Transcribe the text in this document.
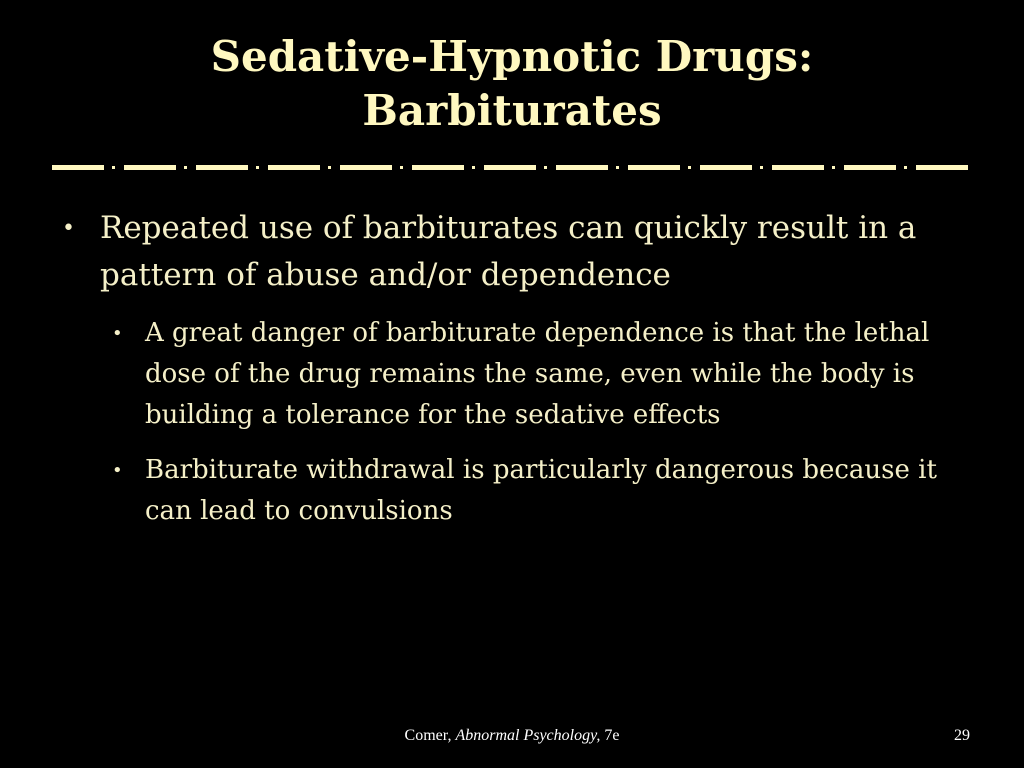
Sedative-Hypnotic Drugs:
Barbiturates
• Repeated use of barbiturates can quickly result in a pattern of abuse and/or dependence
• A great danger of barbiturate dependence is that the lethal dose of the drug remains the same, even while the body is building a tolerance for the sedative effects
• Barbiturate withdrawal is particularly dangerous because it can lead to convulsions
Comer, Abnormal Psychology, 7e	29
